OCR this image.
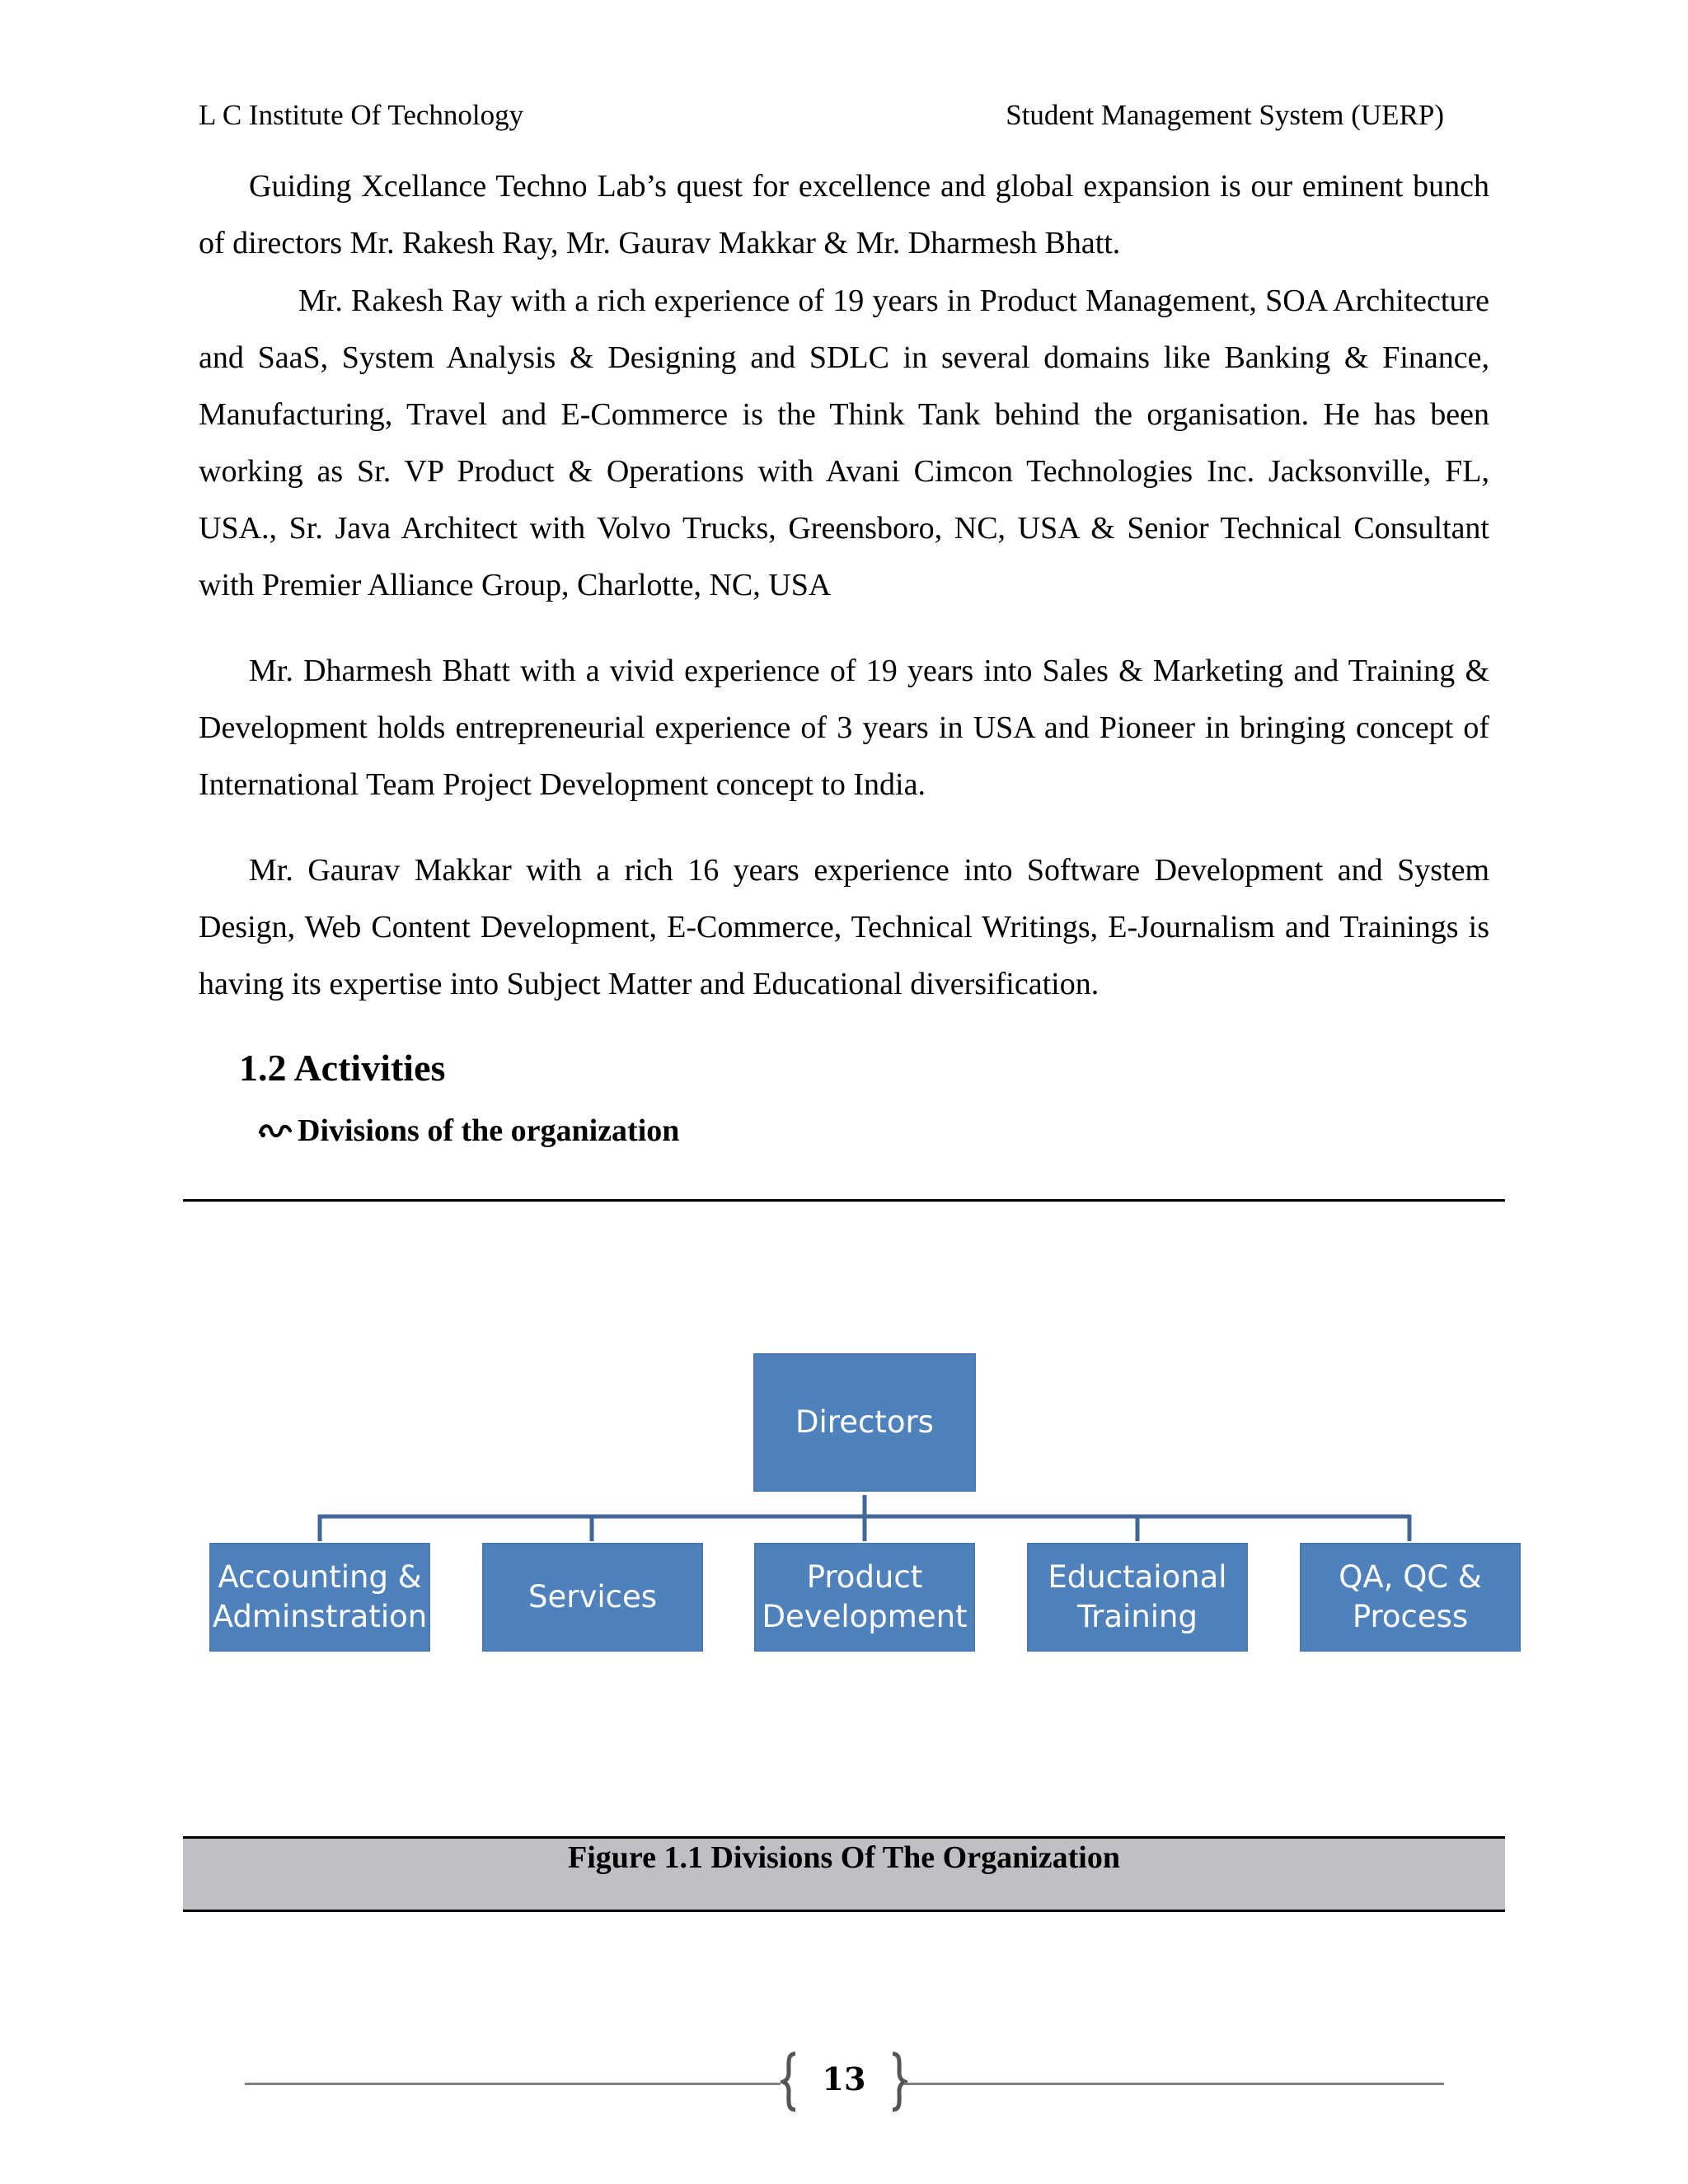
L C Institute Of Technology	Student Management System (UERP)

Guiding Xcellance Techno Lab’s quest for excellence and global expansion is our eminent bunch of directors Mr. Rakesh Ray, Mr. Gaurav Makkar & Mr. Dharmesh Bhatt.

Mr. Rakesh Ray with a rich experience of 19 years in Product Management, SOA Architecture and SaaS, System Analysis & Designing and SDLC in several domains like Banking & Finance, Manufacturing, Travel and E-Commerce is the Think Tank behind the organisation. He has been working as Sr. VP Product & Operations with Avani Cimcon Technologies Inc. Jacksonville, FL, USA., Sr. Java Architect with Volvo Trucks, Greensboro, NC, USA & Senior Technical Consultant with Premier Alliance Group, Charlotte, NC, USA

Mr. Dharmesh Bhatt with a vivid experience of 19 years into Sales & Marketing and Training & Development holds entrepreneurial experience of 3 years in USA and Pioneer in bringing concept of International Team Project Development concept to India.

Mr. Gaurav Makkar with a rich 16 years experience into Software Development and System Design, Web Content Development, E-Commerce, Technical Writings, E-Journalism and Trainings is having its expertise into Subject Matter and Educational diversification.

1.2 Activities
Divisions of the organization
Directors
Accounting &
Adminstration
Services
Product
Development
Eductaional
Training
QA, QC &
Process
Figure 1.1 Divisions Of The Organization
13
